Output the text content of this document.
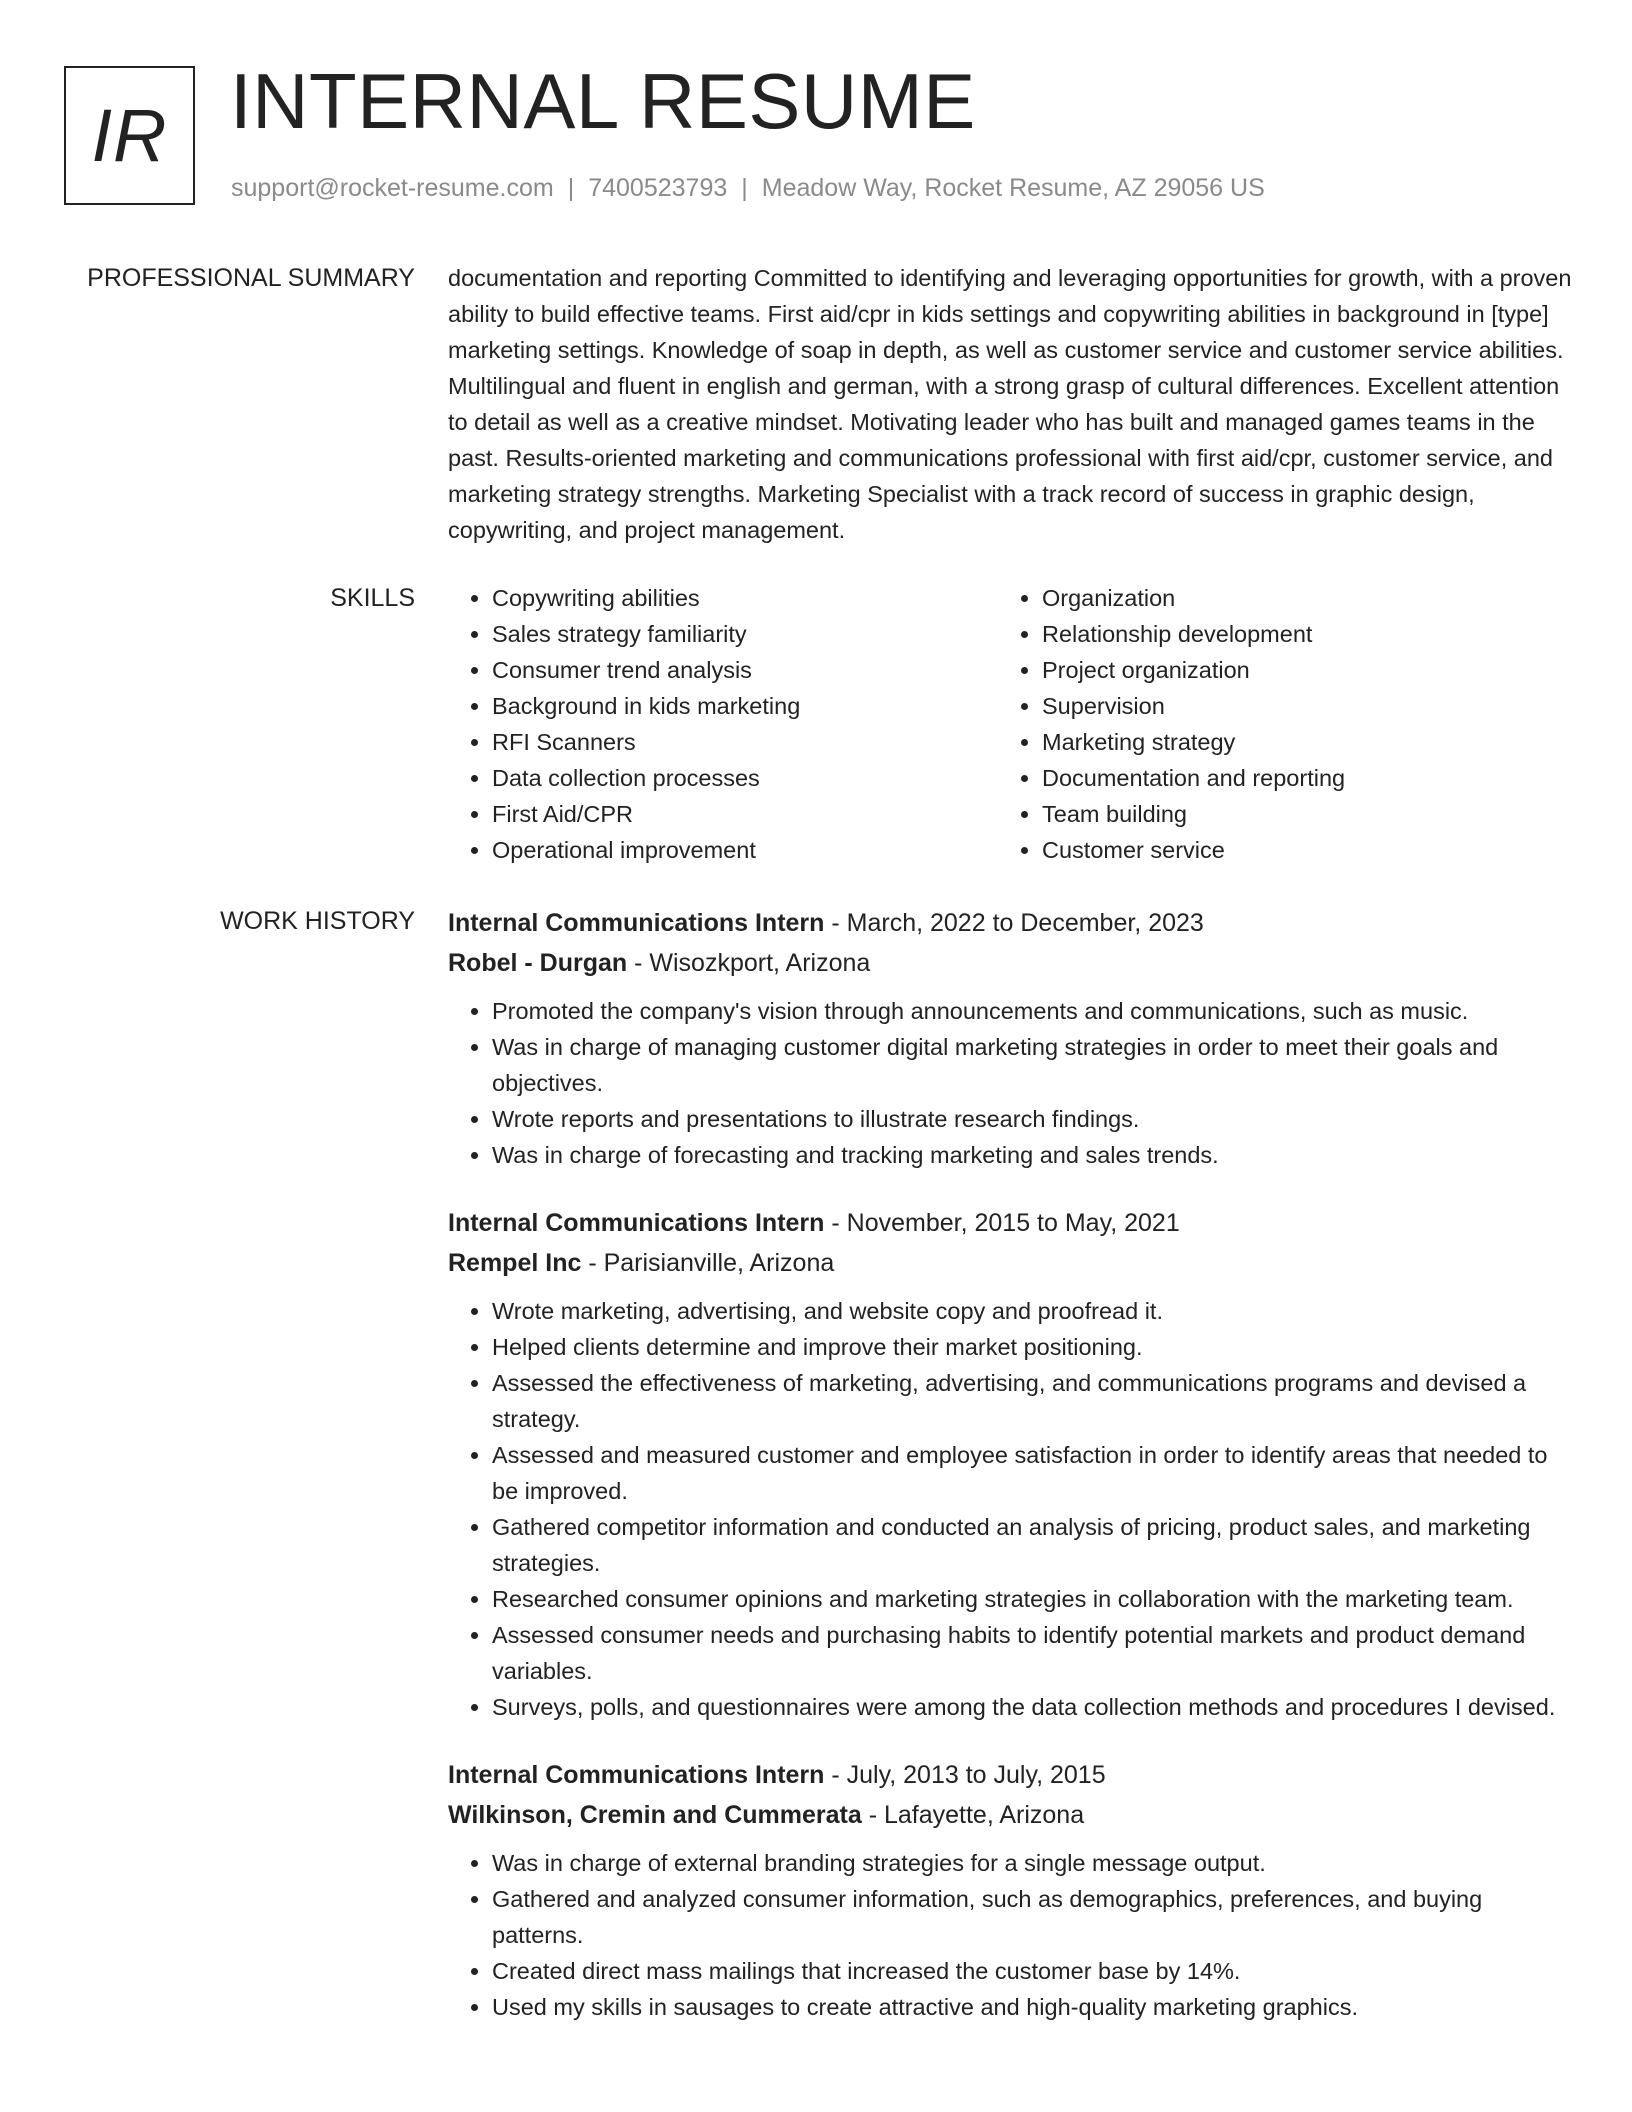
IR INTERNAL RESUME
support@rocket-resume.com | 7400523793 | Meadow Way, Rocket Resume, AZ 29056 US
PROFESSIONAL SUMMARY documentation and reporting Committed to identifying and leveraging opportunities for growth, with a proven ability to build effective teams. First aid/cpr in kids settings and copywriting abilities in background in [type] marketing settings. Knowledge of soap in depth, as well as customer service and customer service abilities. Multilingual and fluent in english and german, with a strong grasp of cultural differences. Excellent attention to detail as well as a creative mindset. Motivating leader who has built and managed games teams in the past. Results-oriented marketing and communications professional with first aid/cpr, customer service, and marketing strategy strengths. Marketing Specialist with a track record of success in graphic design, copywriting, and project management.

SKILLS
•	Copywriting abilities
• Sales strategy familiarity
• Consumer trend analysis
• Background in kids marketing
• RFI Scanners
• Data collection processes
• First Aid/CPR
• Operational improvement
• Organization
• Relationship development
• Project organization
• Supervision
• Marketing strategy
• Documentation and reporting
• Team building
• Customer service
WORK HISTORY Internal Communications Intern - March, 2022 to December, 2023
Robel - Durgan - Wisozkport, Arizona
• Promoted the company's vision through announcements and communications, such as music.
• Was in charge of managing customer digital marketing strategies in order to meet their goals and objectives.
• Wrote reports and presentations to illustrate research findings.
• Was in charge of forecasting and tracking marketing and sales trends.
Internal Communications Intern - November, 2015 to May, 2021
Rempel Inc - Parisianville, Arizona
• Wrote marketing, advertising, and website copy and proofread it.
• Helped clients determine and improve their market positioning.
• Assessed the effectiveness of marketing, advertising, and communications programs and devised a strategy.
• Assessed and measured customer and employee satisfaction in order to identify areas that needed to be improved.
• Gathered competitor information and conducted an analysis of pricing, product sales, and marketing strategies.
• Researched consumer opinions and marketing strategies in collaboration with the marketing team.
• Assessed consumer needs and purchasing habits to identify potential markets and product demand variables.
• Surveys, polls, and questionnaires were among the data collection methods and procedures I devised.
Internal Communications Intern - July, 2013 to July, 2015
Wilkinson, Cremin and Cummerata - Lafayette, Arizona
• Was in charge of external branding strategies for a single message output.
• Gathered and analyzed consumer information, such as demographics, preferences, and buying patterns.
• Created direct mass mailings that increased the customer base by 14%.
• Used my skills in sausages to create attractive and high-quality marketing graphics.
